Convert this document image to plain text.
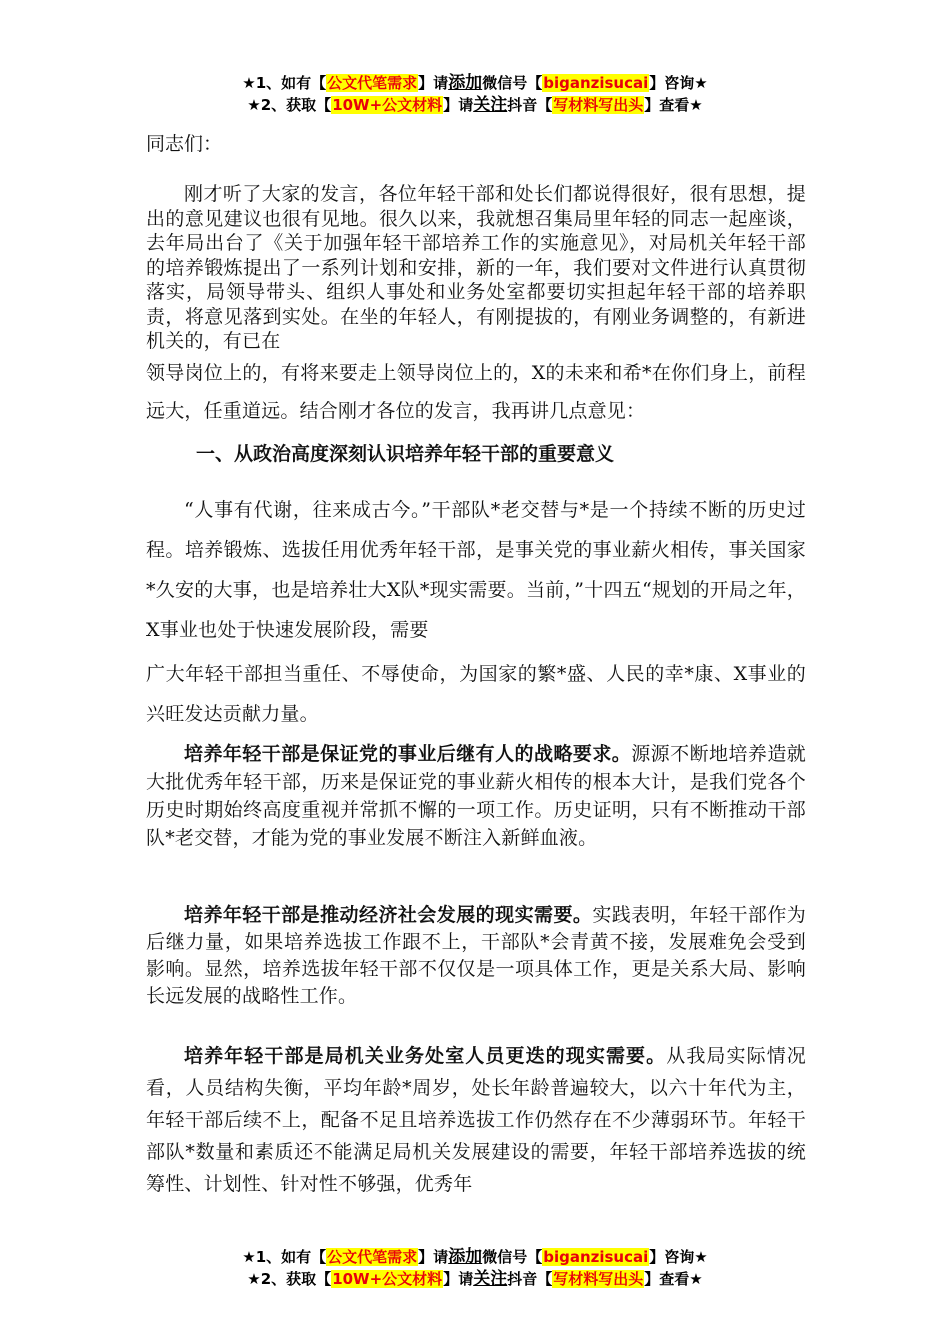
★1、如有【公文代笔需求】请添加微信号【biganzisucai】咨询★
★2、获取【10W+公文材料】请关注抖音【写材料写出头】查看★
同志们：

刚才听了大家的发言，各位年轻干部和处长们都说得很好，很有思想，提出的意见建议也很有见地。很久以来，我就想召集局里年轻的同志一起座谈，去年局出台了《关于加强年轻干部培养工作的实施意见》，对局机关年轻干部的培养锻炼提出了一系列计划和安排，新的一年，我们要对文件进行认真贯彻落实，局领导带头、组织人事处和业务处室都要切实担起年轻干部的培养职责，将意见落到实处。在坐的年轻人，有刚提拔的，有刚业务调整的，有新进机关的，有已在

领导岗位上的，有将来要走上领导岗位上的，X的未来和希*在你们身上，前程远大，任重道远。结合刚才各位的发言，我再讲几点意见：

一、从政治高度深刻认识培养年轻干部的重要意义

“人事有代谢，往来成古今。”干部队*老交替与*是一个持续不断的历史过程。培养锻炼、选拔任用优秀年轻干部，是事关党的事业薪火相传，事关国家*久安的大事，也是培养壮大X队*现实需要。当前，”十四五“规划的开局之年，X事业也处于快速发展阶段，需要

广大年轻干部担当重任、不辱使命，为国家的繁*盛、人民的幸*康、X事业的兴旺发达贡献力量。

培养年轻干部是保证党的事业后继有人的战略要求。源源不断地培养造就大批优秀年轻干部，历来是保证党的事业薪火相传的根本大计，是我们党各个历史时期始终高度重视并常抓不懈的一项工作。历史证明，只有不断推动干部队*老交替，才能为党的事业发展不断注入新鲜血液。

培养年轻干部是推动经济社会发展的现实需要。实践表明，年轻干部作为后继力量，如果培养选拔工作跟不上，干部队*会青黄不接，发展难免会受到影响。显然，培养选拔年轻干部不仅仅是一项具体工作，更是关系大局、影响长远发展的战略性工作。

培养年轻干部是局机关业务处室人员更迭的现实需要。从我局实际情况看，人员结构失衡，平均年龄*周岁，处长年龄普遍较大，以六十年代为主，年轻干部后续不上，配备不足且培养选拔工作仍然存在不少薄弱环节。年轻干部队*数量和素质还不能满足局机关发展建设的需要，年轻干部培养选拔的统筹性、计划性、针对性不够强，优秀年

★1、如有【公文代笔需求】请添加微信号【biganzisucai】咨询★
★2、获取【10W+公文材料】请关注抖音【写材料写出头】查看★
